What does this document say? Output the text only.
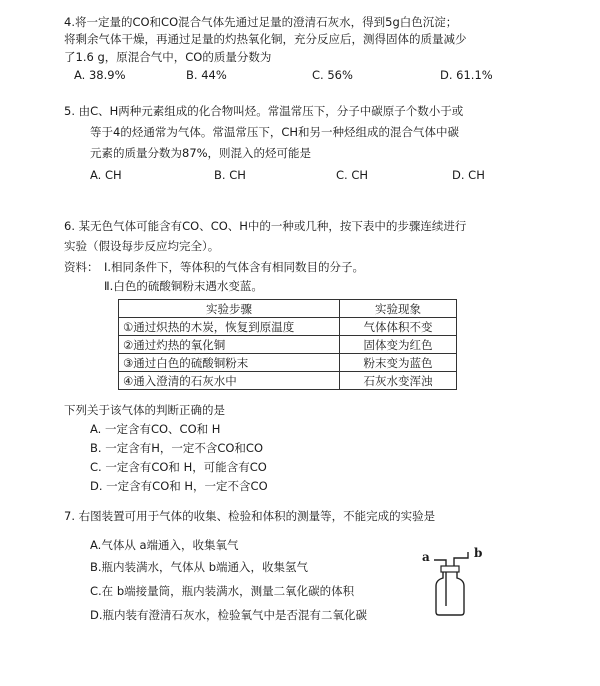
4.将一定量的CO和CO混合气体先通过足量的澄清石灰水，得到5g白色沉淀；
将剩余气体干燥，再通过足量的灼热氧化铜，充分反应后，测得固体的质量减少
了1.6 g，原混合气中，CO的质量分数为
A. 38.9%	B. 44%	C. 56%	D. 61.1%
5. 由C、H两种元素组成的化合物叫烃。常温常压下，分子中碳原子个数小于或
等于4的烃通常为气体。常温常压下，CH和另一种烃组成的混合气体中碳
元素的质量分数为87%，则混入的烃可能是
A. CH	B. CH	C. CH	D. CH
6. 某无色气体可能含有CO、CO、H中的一种或几种，按下表中的步骤连续进行
实验（假设每步反应均完全）。
资料： Ⅰ.相同条件下，等体积的气体含有相同数目的分子。
Ⅱ.白色的硫酸铜粉末遇水变蓝。
实验步骤	实验现象
①通过炽热的木炭，恢复到原温度	气体体积不变
②通过灼热的氧化铜	固体变为红色
③通过白色的硫酸铜粉末	粉末变为蓝色
④通入澄清的石灰水中	石灰水变浑浊
下列关于该气体的判断正确的是
A. 一定含有CO、CO和 H
B. 一定含有H，一定不含CO和CO
C. 一定含有CO和 H，可能含有CO
D. 一定含有CO和 H，一定不含CO
7. 右图装置可用于气体的收集、检验和体积的测量等，不能完成的实验是
A.气体从 a端通入，收集氧气
B.瓶内装满水，气体从 b端通入，收集氢气
C.在 b端接量筒，瓶内装满水，测量二氧化碳的体积
D.瓶内装有澄清石灰水，检验氧气中是否混有二氧化碳
a	b
